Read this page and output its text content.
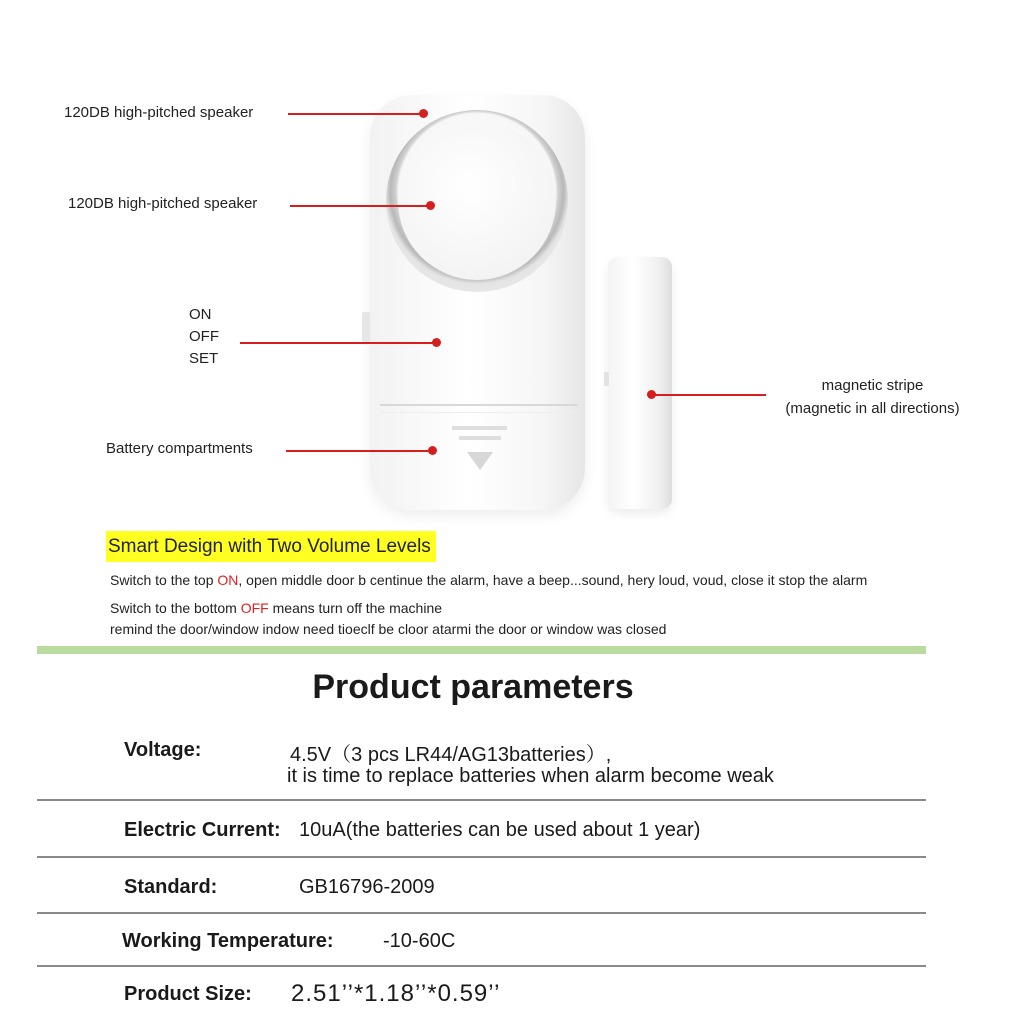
120DB high-pitched speaker
120DB high-pitched speaker
ON
OFF
SET
Battery compartments
magnetic stripe
(magnetic in all directions)
Smart Design with Two Volume Levels
Switch to the top ON, open middle door b centinue the alarm, have a beep...sound, hery loud, voud, close it stop the alarm
Switch to the bottom OFF means turn off the machine
remind the door/window indow need tioeclf be cloor atarmi the door or window was closed
Product parameters
Voltage:	4.5V（3 pcs LR44/AG13batteries）,
it is time to replace batteries when alarm become weak
Electric Current: 10uA(the batteries can be used about 1 year)
Standard:	GB16796-2009
Working Temperature: -10-60C
Product Size: 2.51’’*1.18’’*0.59’’
